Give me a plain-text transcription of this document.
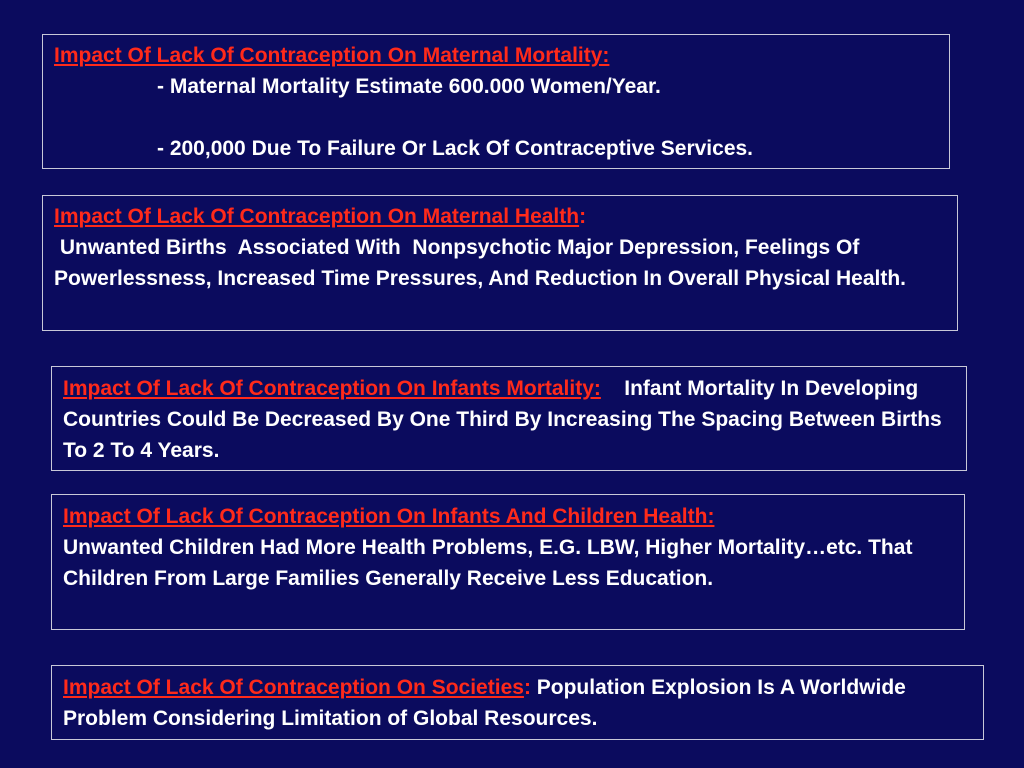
Impact Of Lack Of Contraception On Maternal Mortality:
- Maternal Mortality Estimate 600.000 Women/Year.
- 200,000 Due To Failure Or Lack Of Contraceptive Services.
Impact Of Lack Of Contraception On Maternal Health:
Unwanted Births  Associated With  Nonpsychotic Major Depression, Feelings Of Powerlessness, Increased Time Pressures, And Reduction In Overall Physical Health.
Impact Of Lack Of Contraception On Infants Mortality:    Infant Mortality In Developing Countries Could Be Decreased By One Third By Increasing The Spacing Between Births To 2 To 4 Years.
Impact Of Lack Of Contraception On Infants And Children Health:
Unwanted Children Had More Health Problems, E.G. LBW, Higher Mortality…etc. That Children From Large Families Generally Receive Less Education.
Impact Of Lack Of Contraception On Societies: Population Explosion Is A Worldwide Problem Considering Limitation of Global Resources.
